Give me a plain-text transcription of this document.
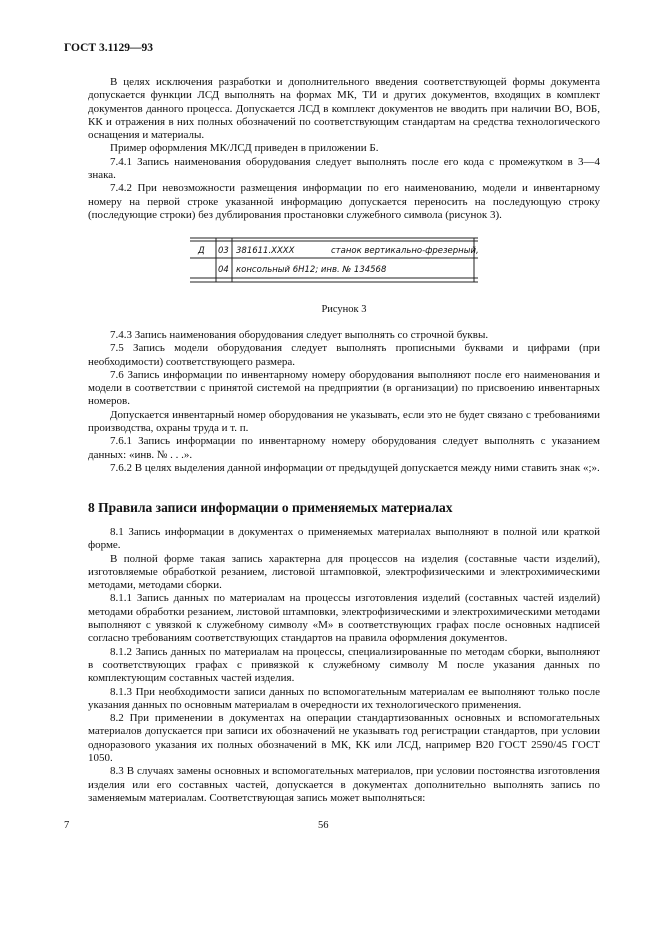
ГОСТ 3.1129—93

В целях исключения разработки и дополнительного введения соответствующей формы документа допускается функции ЛСД выполнять на формах МК, ТИ и других документов, входящих в комплект документов данного процесса. Допускается ЛСД в комплект документов не вводить при наличии ВО, ВОБ, КК и отражения в них полных обозначений по соответствующим стандартам на средства технологического оснащения и материалы.

Пример оформления МК/ЛСД приведен в приложении Б.

7.4.1 Запись наименования оборудования следует выполнять после его кода с промежутком в 3—4 знака.

7.4.2 При невозможности размещения информации по его наименованию, модели и инвентарному номеру на первой строке указанной информацию допускается переносить на последующую строку (последующие строки) без дублирования простановки служебного символа (рисунок 3).

Д 03 381611.XXXX	станок вертикально-фрезерный,
04 консольный 6Н12; инв. № 134568
Рисунок 3

7.4.3 Запись наименования оборудования следует выполнять со строчной буквы.

7.5 Запись модели оборудования следует выполнять прописными буквами и цифрами (при необходимости) соответствующего размера.

7.6 Запись информации по инвентарному номеру оборудования выполняют после его наименования и модели в соответствии с принятой системой на предприятии (в организации) по присвоению инвентарных номеров.

Допускается инвентарный номер оборудования не указывать, если это не будет связано с требованиями производства, охраны труда и т. п.

7.6.1 Запись информации по инвентарному номеру оборудования следует выполнять с указанием данных: «инв. № . . .».

7.6.2 В целях выделения данной информации от предыдущей допускается между ними ставить знак «;».

8 Правила записи информации о применяемых материалах

8.1 Запись информации в документах о применяемых материалах выполняют в полной или краткой форме.

В полной форме такая запись характерна для процессов на изделия (составные части изделий), изготовляемые обработкой резанием, листовой штамповкой, электрофизическими и электрохимическими методами, методами сборки.

8.1.1 Запись данных по материалам на процессы изготовления изделий (составных частей изделий) методами обработки резанием, листовой штамповки, электрофизическими и электрохимическими методами выполняют с увязкой к служебному символу «М» в соответствующих графах после основных надписей согласно требованиям соответствующих стандартов на правила оформления документов.

8.1.2 Запись данных по материалам на процессы, специализированные по методам сборки, выполняют в соответствующих графах с привязкой к служебному символу М после указания данных по комплектующим составных частей изделия.

8.1.3 При необходимости записи данных по вспомогательным материалам ее выполняют только после указания данных по основным материалам в очередности их технологического применения.

8.2 При применении в документах на операции стандартизованных основных и вспомогательных материалов допускается при записи их обозначений не указывать год регистрации стандартов, при условии одноразового указания их полных обозначений в МК, КК или ЛСД, например В20 ГОСТ 2590/45 ГОСТ 1050.

8.3 В случаях замены основных и вспомогательных материалов, при условии постоянства изготовления изделия или его составных частей, допускается в документах дополнительно выполнять запись по заменяемым материалам. Соответствующая запись может выполняться:

7	56
